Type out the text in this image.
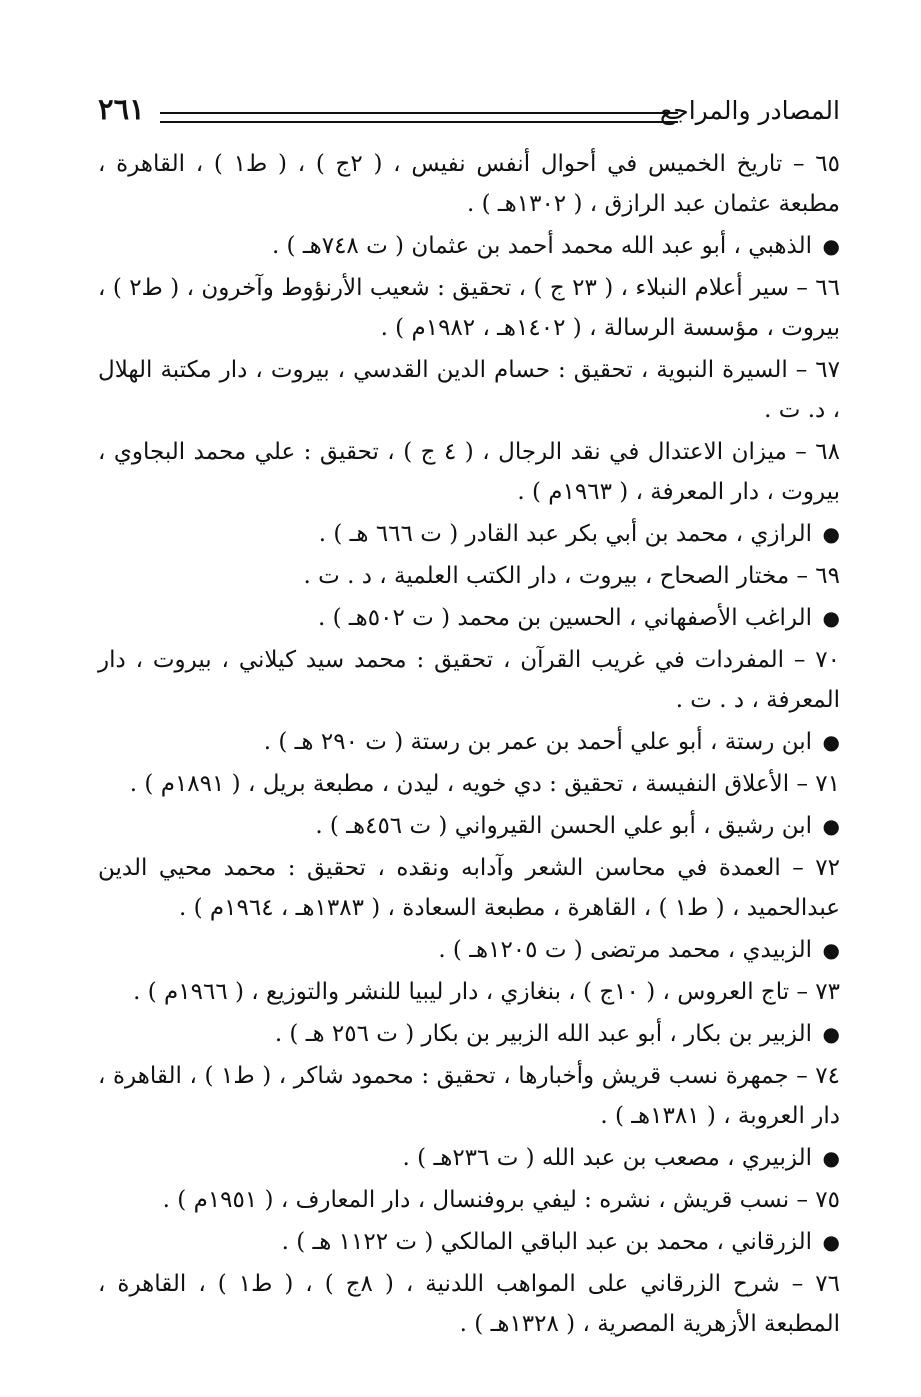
المصادر والمراجع
٢٦١

٦٥ – تاريخ الخميس في أحوال أنفس نفيس ، ( ٢ج ) ، ( ط١ ) ، القاهرة ، مطبعة عثمان عبد الرازق ، ( ١٣٠٢هـ ) .

●
الذهبي ، أبو عبد الله محمد أحمد بن عثمان ( ت ٧٤٨هـ ) .

٦٦ – سير أعلام النبلاء ، ( ٢٣ ج ) ، تحقيق : شعيب الأرنؤوط وآخرون ، ( ط٢ ) ، بيروت ، مؤسسة الرسالة ، ( ١٤٠٢هـ ، ١٩٨٢م ) .

٦٧ – السيرة النبوية ، تحقيق : حسام الدين القدسي ، بيروت ، دار مكتبة الهلال ، د. ت .

٦٨ – ميزان الاعتدال في نقد الرجال ، ( ٤ ج ) ، تحقيق : علي محمد البجاوي ، بيروت ، دار المعرفة ، ( ١٩٦٣م ) .

●
الرازي ، محمد بن أبي بكر عبد القادر ( ت ٦٦٦ هـ ) .

٦٩ – مختار الصحاح ، بيروت ، دار الكتب العلمية ، د . ت .

●
الراغب الأصفهاني ، الحسين بن محمد ( ت ٥٠٢هـ ) .

٧٠ – المفردات في غريب القرآن ، تحقيق : محمد سيد كيلاني ، بيروت ، دار المعرفة ، د . ت .

●
ابن رستة ، أبو علي أحمد بن عمر بن رستة ( ت ٢٩٠ هـ ) .

٧١ – الأعلاق النفيسة ، تحقيق : دي خويه ، ليدن ، مطبعة بريل ، ( ١٨٩١م ) .

●
ابن رشيق ، أبو علي الحسن القيرواني ( ت ٤٥٦هـ ) .

٧٢ – العمدة في محاسن الشعر وآدابه ونقده ، تحقيق : محمد محيي الدين عبدالحميد ، ( ط١ ) ، القاهرة ، مطبعة السعادة ، ( ١٣٨٣هـ ، ١٩٦٤م ) .

●
الزبيدي ، محمد مرتضى ( ت ١٢٠٥هـ ) .

٧٣ – تاج العروس ، ( ١٠ج ) ، بنغازي ، دار ليبيا للنشر والتوزيع ، ( ١٩٦٦م ) .

●
الزبير بن بكار ، أبو عبد الله الزبير بن بكار ( ت ٢٥٦ هـ ) .

٧٤ – جمهرة نسب قريش وأخبارها ، تحقيق : محمود شاكر ، ( ط١ ) ، القاهرة ، دار العروبة ، ( ١٣٨١هـ ) .

●
الزبيري ، مصعب بن عبد الله ( ت ٢٣٦هـ ) .

٧٥ – نسب قريش ، نشره : ليفي بروفنسال ، دار المعارف ، ( ١٩٥١م ) .

●
الزرقاني ، محمد بن عبد الباقي المالكي ( ت ١١٢٢ هـ ) .

٧٦ – شرح الزرقاني على المواهب اللدنية ، ( ٨ج ) ، ( ط١ ) ، القاهرة ، المطبعة الأزهرية المصرية ، ( ١٣٢٨هـ ) .
